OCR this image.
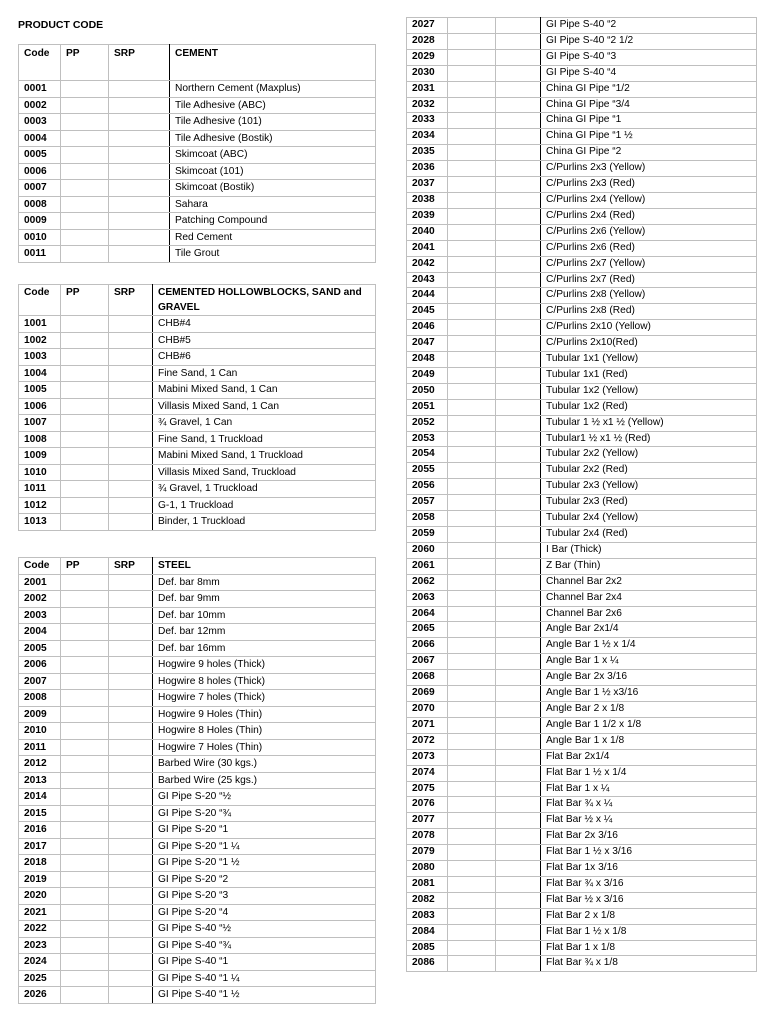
PRODUCT CODE
Code	PP	SRP	CEMENT
0001			Northern Cement (Maxplus)
0002			Tile Adhesive (ABC)
0003			Tile Adhesive (101)
0004			Tile Adhesive (Bostik)
0005			Skimcoat (ABC)
0006			Skimcoat (101)
0007			Skimcoat (Bostik)
0008			Sahara
0009			Patching Compound
0010			Red Cement
0011			Tile Grout
Code	PP	SRP	CEMENTED HOLLOWBLOCKS, SAND and GRAVEL
1001			CHB#4
1002			CHB#5
1003			CHB#6
1004			Fine Sand, 1 Can
1005			Mabini Mixed Sand, 1 Can
1006			Villasis Mixed Sand, 1 Can
1007			¾ Gravel, 1 Can
1008			Fine Sand, 1 Truckload
1009			Mabini Mixed Sand, 1 Truckload
1010			Villasis Mixed Sand, Truckload
1011			¾ Gravel, 1 Truckload
1012			G-1, 1 Truckload
1013			Binder, 1 Truckload
Code	PP	SRP	STEEL
2001			Def. bar 8mm
2002			Def. bar 9mm
2003			Def. bar 10mm
2004			Def. bar 12mm
2005			Def. bar 16mm
2006			Hogwire 9 holes (Thick)
2007			Hogwire 8 holes (Thick)
2008			Hogwire 7 holes (Thick)
2009			Hogwire 9 Holes (Thin)
2010			Hogwire 8 Holes (Thin)
2011			Hogwire 7 Holes (Thin)
2012			Barbed Wire (30 kgs.)
2013			Barbed Wire (25 kgs.)
2014			GI Pipe S-20 “½
2015			GI Pipe S-20 “¾
2016			GI Pipe S-20 “1
2017			GI Pipe S-20 “1 ¼
2018			GI Pipe S-20 “1 ½
2019			GI Pipe S-20 “2
2020			GI Pipe S-20 “3
2021			GI Pipe S-20 “4
2022			GI Pipe S-40 “½
2023			GI Pipe S-40 “¾
2024			GI Pipe S-40 “1
2025			GI Pipe S-40 “1 ¼
2026			GI Pipe S-40 “1 ½
2027			GI Pipe S-40 “2
2028			GI Pipe S-40 “2 1/2
2029			GI Pipe S-40 “3
2030			GI Pipe S-40 “4
2031			China GI Pipe “1/2
2032			China GI Pipe “3/4
2033			China GI Pipe “1
2034			China GI Pipe “1 ½
2035			China GI Pipe “2
2036			C/Purlins 2x3 (Yellow)
2037			C/Purlins 2x3 (Red)
2038			C/Purlins 2x4 (Yellow)
2039			C/Purlins 2x4 (Red)
2040			C/Purlins 2x6 (Yellow)
2041			C/Purlins 2x6 (Red)
2042			C/Purlins 2x7 (Yellow)
2043			C/Purlins 2x7 (Red)
2044			C/Purlins 2x8 (Yellow)
2045			C/Purlins 2x8 (Red)
2046			C/Purlins 2x10 (Yellow)
2047			C/Purlins 2x10(Red)
2048			Tubular 1x1 (Yellow)
2049			Tubular 1x1 (Red)
2050			Tubular 1x2 (Yellow)
2051			Tubular 1x2 (Red)
2052			Tubular 1 ½ x1 ½ (Yellow)
2053			Tubular1 ½ x1 ½ (Red)
2054			Tubular 2x2 (Yellow)
2055			Tubular 2x2 (Red)
2056			Tubular 2x3 (Yellow)
2057			Tubular 2x3 (Red)
2058			Tubular 2x4 (Yellow)
2059			Tubular 2x4 (Red)
2060			I Bar (Thick)
2061			Z Bar (Thin)
2062			Channel Bar 2x2
2063			Channel Bar 2x4
2064			Channel Bar 2x6
2065			Angle Bar 2x1/4
2066			Angle Bar 1 ½ x 1/4
2067			Angle Bar 1 x ¼
2068			Angle Bar 2x 3/16
2069			Angle Bar 1 ½ x3/16
2070			Angle Bar 2 x 1/8
2071			Angle Bar 1 1/2 x 1/8
2072			Angle Bar 1 x 1/8
2073			Flat Bar 2x1/4
2074			Flat Bar 1 ½ x 1/4
2075			Flat Bar 1 x ¼
2076			Flat Bar ¾ x ¼
2077			Flat Bar ½ x ¼
2078			Flat Bar 2x 3/16
2079			Flat Bar 1 ½ x 3/16
2080			Flat Bar 1x 3/16
2081			Flat Bar ¾ x 3/16
2082			Flat Bar ½ x 3/16
2083			Flat Bar 2 x 1/8
2084			Flat Bar 1 ½ x 1/8
2085			Flat Bar 1 x 1/8
2086			Flat Bar ¾ x 1/8
